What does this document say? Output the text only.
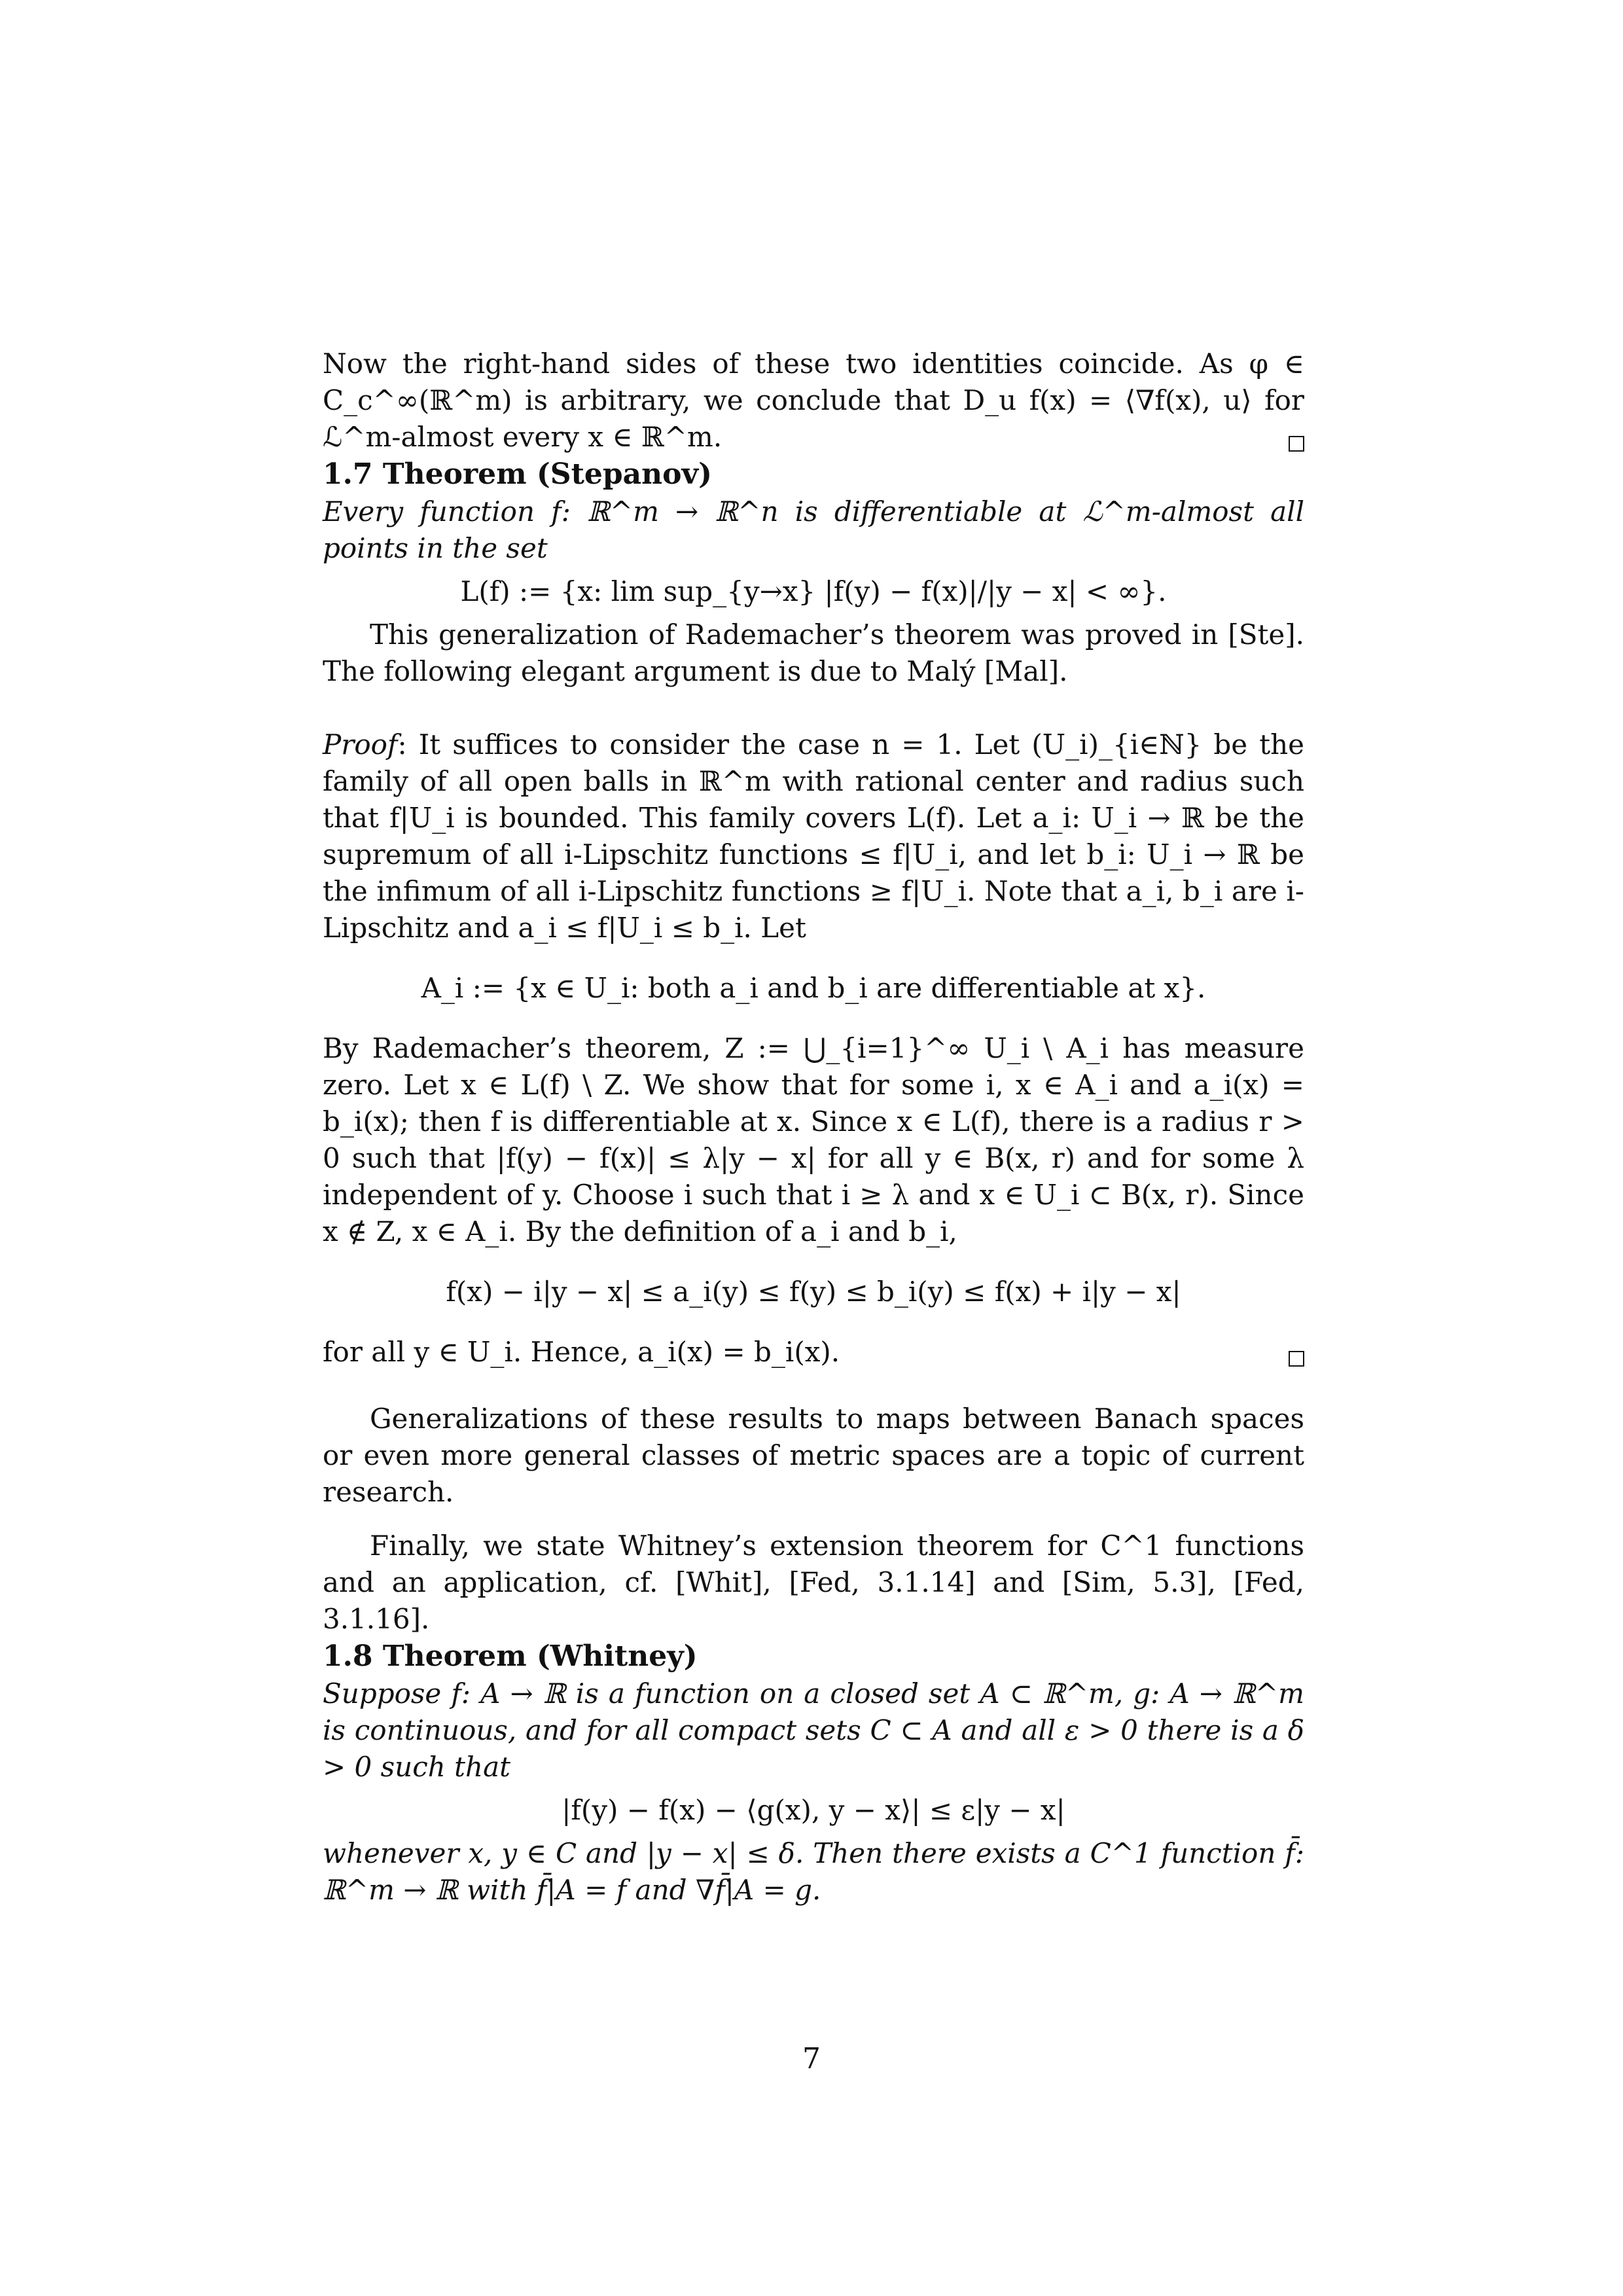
Now the right-hand sides of these two identities coincide. As φ ∈ C_c^∞(ℝ^m) is arbitrary, we conclude that D_u f(x) = ⟨∇f(x), u⟩ for ℒ^m-almost every x ∈ ℝ^m.

1.7 Theorem (Stepanov)

Every function f: ℝ^m → ℝ^n is differentiable at ℒ^m-almost all points in the set

L(f) := {x: lim sup_{y→x} |f(y) − f(x)|/|y − x| < ∞}.

This generalization of Rademacher’s theorem was proved in [Ste]. The following elegant argument is due to Malý [Mal].

Proof: It suffices to consider the case n = 1. Let (U_i)_{i∈ℕ} be the family of all open balls in ℝ^m with rational center and radius such that f|U_i is bounded. This family covers L(f). Let a_i: U_i → ℝ be the supremum of all i-Lipschitz functions ≤ f|U_i, and let b_i: U_i → ℝ be the infimum of all i-Lipschitz functions ≥ f|U_i. Note that a_i, b_i are i-Lipschitz and a_i ≤ f|U_i ≤ b_i. Let

A_i := {x ∈ U_i: both a_i and b_i are differentiable at x}.

By Rademacher’s theorem, Z := ⋃_{i=1}^∞ U_i \ A_i has measure zero. Let x ∈ L(f) \ Z. We show that for some i, x ∈ A_i and a_i(x) = b_i(x); then f is differentiable at x. Since x ∈ L(f), there is a radius r > 0 such that |f(y) − f(x)| ≤ λ|y − x| for all y ∈ B(x, r) and for some λ independent of y. Choose i such that i ≥ λ and x ∈ U_i ⊂ B(x, r). Since x ∉ Z, x ∈ A_i. By the definition of a_i and b_i,

f(x) − i|y − x| ≤ a_i(y) ≤ f(y) ≤ b_i(y) ≤ f(x) + i|y − x|

for all y ∈ U_i. Hence, a_i(x) = b_i(x).

Generalizations of these results to maps between Banach spaces or even more general classes of metric spaces are a topic of current research.

Finally, we state Whitney’s extension theorem for C^1 functions and an application, cf. [Whit], [Fed, 3.1.14] and [Sim, 5.3], [Fed, 3.1.16].

1.8 Theorem (Whitney)

Suppose f: A → ℝ is a function on a closed set A ⊂ ℝ^m, g: A → ℝ^m is continuous, and for all compact sets C ⊂ A and all ε > 0 there is a δ > 0 such that

|f(y) − f(x) − ⟨g(x), y − x⟩| ≤ ε|y − x|

whenever x, y ∈ C and |y − x| ≤ δ. Then there exists a C^1 function f̄: ℝ^m → ℝ with f̄|A = f and ∇f̄|A = g.

7
